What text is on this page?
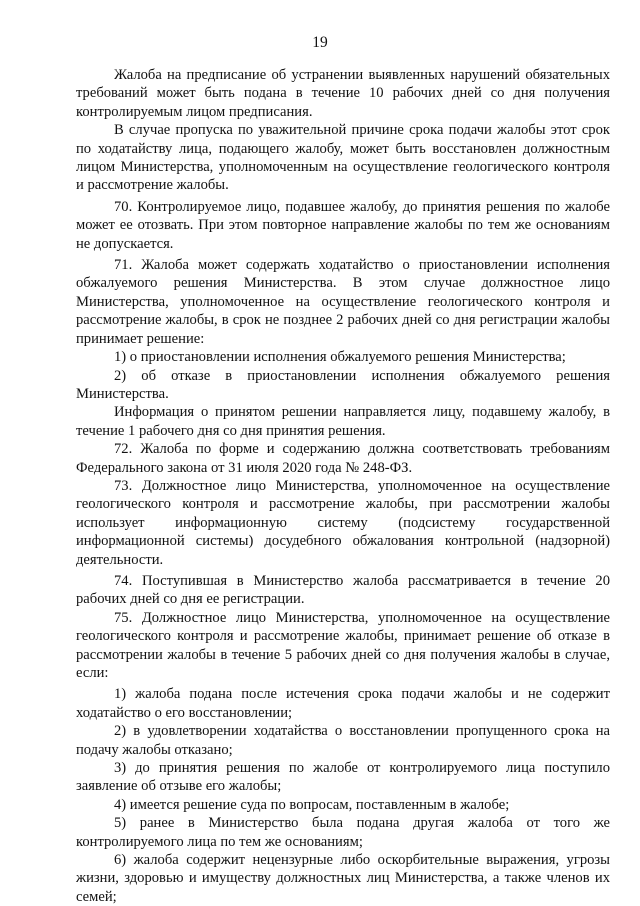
19

Жалоба на предписание об устранении выявленных нарушений обязательных требований может быть подана в течение 10 рабочих дней со дня получения контролируемым лицом предписания.

В случае пропуска по уважительной причине срока подачи жалобы этот срок по ходатайству лица, подающего жалобу, может быть восстановлен должностным лицом Министерства, уполномоченным на осуществление геологического контроля и рассмотрение жалобы.

70. Контролируемое лицо, подавшее жалобу, до принятия решения по жалобе может ее отозвать. При этом повторное направление жалобы по тем же основаниям не допускается.

71. Жалоба может содержать ходатайство о приостановлении исполнения обжалуемого решения Министерства. В этом случае должностное лицо Министерства, уполномоченное на осуществление геологического контроля и рассмотрение жалобы, в срок не позднее 2 рабочих дней со дня регистрации жалобы принимает решение:

1) о приостановлении исполнения обжалуемого решения Министерства;

2) об отказе в приостановлении исполнения обжалуемого решения Министерства.

Информация о принятом решении направляется лицу, подавшему жалобу, в течение 1 рабочего дня со дня принятия решения.

72. Жалоба по форме и содержанию должна соответствовать требованиям Федерального закона от 31 июля 2020 года № 248-ФЗ.

73. Должностное лицо Министерства, уполномоченное на осуществление геологического контроля и рассмотрение жалобы, при рассмотрении жалобы использует информационную систему (подсистему государственной информационной системы) досудебного обжалования контрольной (надзорной) деятельности.

74. Поступившая в Министерство жалоба рассматривается в течение 20 рабочих дней со дня ее регистрации.

75. Должностное лицо Министерства, уполномоченное на осуществление геологического контроля и рассмотрение жалобы, принимает решение об отказе в рассмотрении жалобы в течение 5 рабочих дней со дня получения жалобы в случае, если:

1) жалоба подана после истечения срока подачи жалобы и не содержит ходатайство о его восстановлении;

2) в удовлетворении ходатайства о восстановлении пропущенного срока на подачу жалобы отказано;

3) до принятия решения по жалобе от контролируемого лица поступило заявление об отзыве его жалобы;

4) имеется решение суда по вопросам, поставленным в жалобе;

5) ранее в Министерство была подана другая жалоба от того же контролируемого лица по тем же основаниям;

6) жалоба содержит нецензурные либо оскорбительные выражения, угрозы жизни, здоровью и имуществу должностных лиц Министерства, а также членов их семей;
